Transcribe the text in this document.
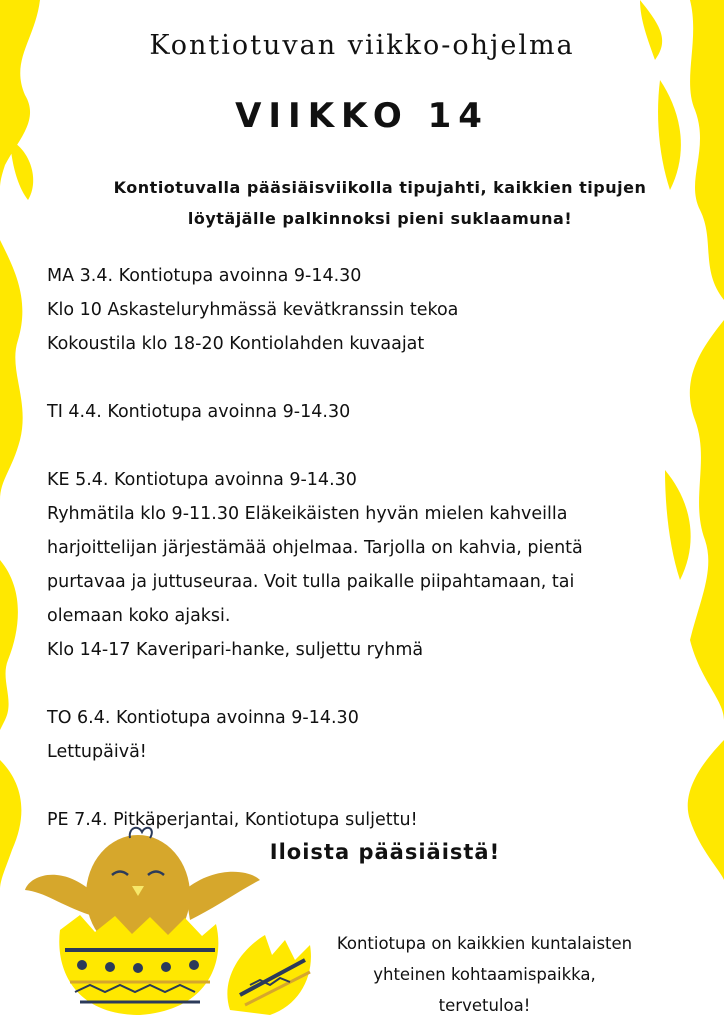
Kontiotuvan viikko-ohjelma
VIIKKO 14
Kontiotuvalla pääsiäisviikolla tipujahti, kaikkien tipujen
löytäjälle palkinnoksi pieni suklaamuna!

MA 3.4. Kontiotupa avoinna 9-14.30

Klo 10 Askasteluryhmässä kevätkranssin tekoa

Kokoustila klo 18-20 Kontiolahden kuvaajat

TI 4.4. Kontiotupa avoinna 9-14.30

KE 5.4. Kontiotupa avoinna 9-14.30

Ryhmätila klo 9-11.30 Eläkeikäisten hyvän mielen kahveilla

harjoittelijan järjestämää ohjelmaa. Tarjolla on kahvia, pientä

purtavaa ja juttuseuraa. Voit tulla paikalle piipahtamaan, tai

olemaan koko ajaksi.

Klo 14-17 Kaveripari-hanke, suljettu ryhmä

TO 6.4. Kontiotupa avoinna 9-14.30

Lettupäivä!

PE 7.4. Pitkäperjantai, Kontiotupa suljettu!

Iloista pääsiäistä!
Kontiotupa on kaikkien kuntalaisten
yhteinen kohtaamispaikka,
tervetuloa!
